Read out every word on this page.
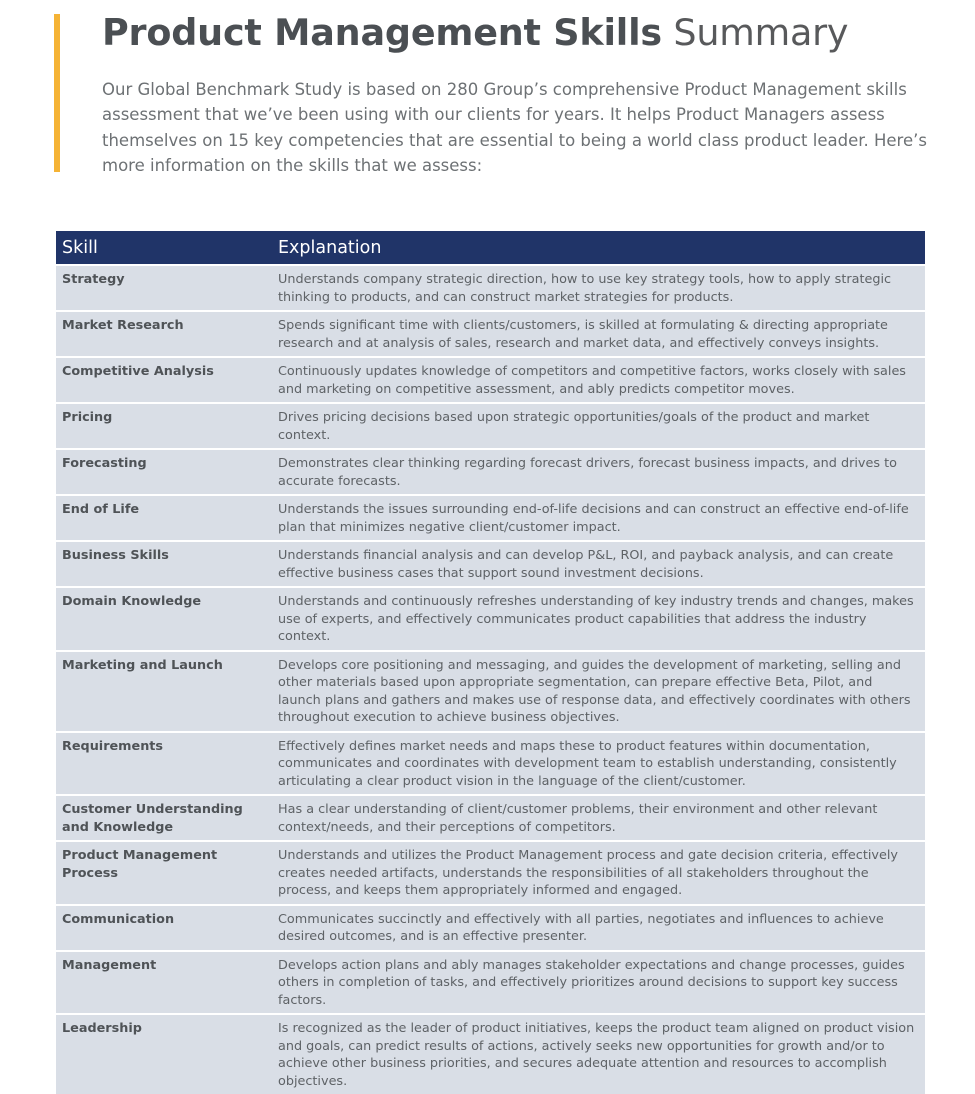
Product Management Skills Summary

Our Global Benchmark Study is based on 280 Group’s comprehensive Product Management skills assessment that we’ve been using with our clients for years. It helps Product Managers assess themselves on 15 key competencies that are essential to being a world class product leader. Here’s more information on the skills that we assess:

Skill	Explanation
Strategy	Understands company strategic direction, how to use key strategy tools, how to apply strategic thinking to products, and can construct market strategies for products.
Market Research	Spends significant time with clients/customers, is skilled at formulating & directing appropriate research and at analysis of sales, research and market data, and effectively conveys insights.
Competitive Analysis	Continuously updates knowledge of competitors and competitive factors, works closely with sales and marketing on competitive assessment, and ably predicts competitor moves.
Pricing	Drives pricing decisions based upon strategic opportunities/goals of the product and market context.
Forecasting	Demonstrates clear thinking regarding forecast drivers, forecast business impacts, and drives to accurate forecasts.
End of Life	Understands the issues surrounding end-of-life decisions and can construct an effective end-of-life plan that minimizes negative client/customer impact.
Business Skills	Understands financial analysis and can develop P&L, ROI, and payback analysis, and can create effective business cases that support sound investment decisions.
Domain Knowledge	Understands and continuously refreshes understanding of key industry trends and changes, makes use of experts, and effectively communicates product capabilities that address the industry context.
Marketing and Launch	Develops core positioning and messaging, and guides the development of marketing, selling and other materials based upon appropriate segmentation, can prepare effective Beta, Pilot, and launch plans and gathers and makes use of response data, and effectively coordinates with others throughout execution to achieve business objectives.
Requirements	Effectively defines market needs and maps these to product features within documentation, communicates and coordinates with development team to establish understanding, consistently articulating a clear product vision in the language of the client/customer.
Customer Understanding and Knowledge	Has a clear understanding of client/customer problems, their environment and other relevant context/needs, and their perceptions of competitors.
Product Management Process	Understands and utilizes the Product Management process and gate decision criteria, effectively creates needed artifacts, understands the responsibilities of all stakeholders throughout the process, and keeps them appropriately informed and engaged.
Communication	Communicates succinctly and effectively with all parties, negotiates and influences to achieve desired outcomes, and is an effective presenter.
Management	Develops action plans and ably manages stakeholder expectations and change processes, guides others in completion of tasks, and effectively prioritizes around decisions to support key success factors.
Leadership	Is recognized as the leader of product initiatives, keeps the product team aligned on product vision and goals, can predict results of actions, actively seeks new opportunities for growth and/or to achieve other business priorities, and secures adequate attention and resources to accomplish objectives.
